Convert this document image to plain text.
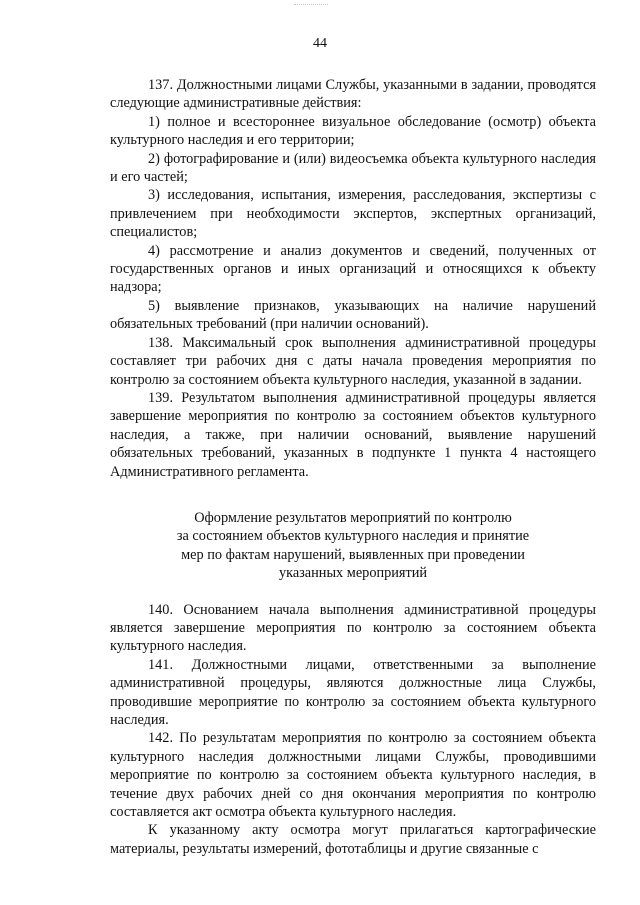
44

137. Должностными лицами Службы, указанными в задании, проводятся следующие административные действия:

1) полное и всестороннее визуальное обследование (осмотр) объекта культурного наследия и его территории;

2) фотографирование и (или) видеосъемка объекта культурного наследия и его частей;

3) исследования, испытания, измерения, расследования, экспертизы с привлечением при необходимости экспертов, экспертных организаций, специалистов;

4) рассмотрение и анализ документов и сведений, полученных от государственных органов и иных организаций и относящихся к объекту надзора;

5) выявление признаков, указывающих на наличие нарушений обязательных требований (при наличии оснований).

138. Максимальный срок выполнения административной процедуры составляет три рабочих дня с даты начала проведения мероприятия по контролю за состоянием объекта культурного наследия, указанной в задании.

139. Результатом выполнения административной процедуры является завершение мероприятия по контролю за состоянием объектов культурного наследия, а также, при наличии оснований, выявление нарушений обязательных требований, указанных в подпункте 1 пункта 4 настоящего Административного регламента.

Оформление результатов мероприятий по контролю
за состоянием объектов культурного наследия и принятие
мер по фактам нарушений, выявленных при проведении
указанных мероприятий

140. Основанием начала выполнения административной процедуры является завершение мероприятия по контролю за состоянием объекта культурного наследия.

141. Должностными лицами, ответственными за выполнение административной процедуры, являются должностные лица Службы, проводившие мероприятие по контролю за состоянием объекта культурного наследия.

142. По результатам мероприятия по контролю за состоянием объекта культурного наследия должностными лицами Службы, проводившими мероприятие по контролю за состоянием объекта культурного наследия, в течение двух рабочих дней со дня окончания мероприятия по контролю составляется акт осмотра объекта культурного наследия.

К указанному акту осмотра могут прилагаться картографические материалы, результаты измерений, фототаблицы и другие связанные с
